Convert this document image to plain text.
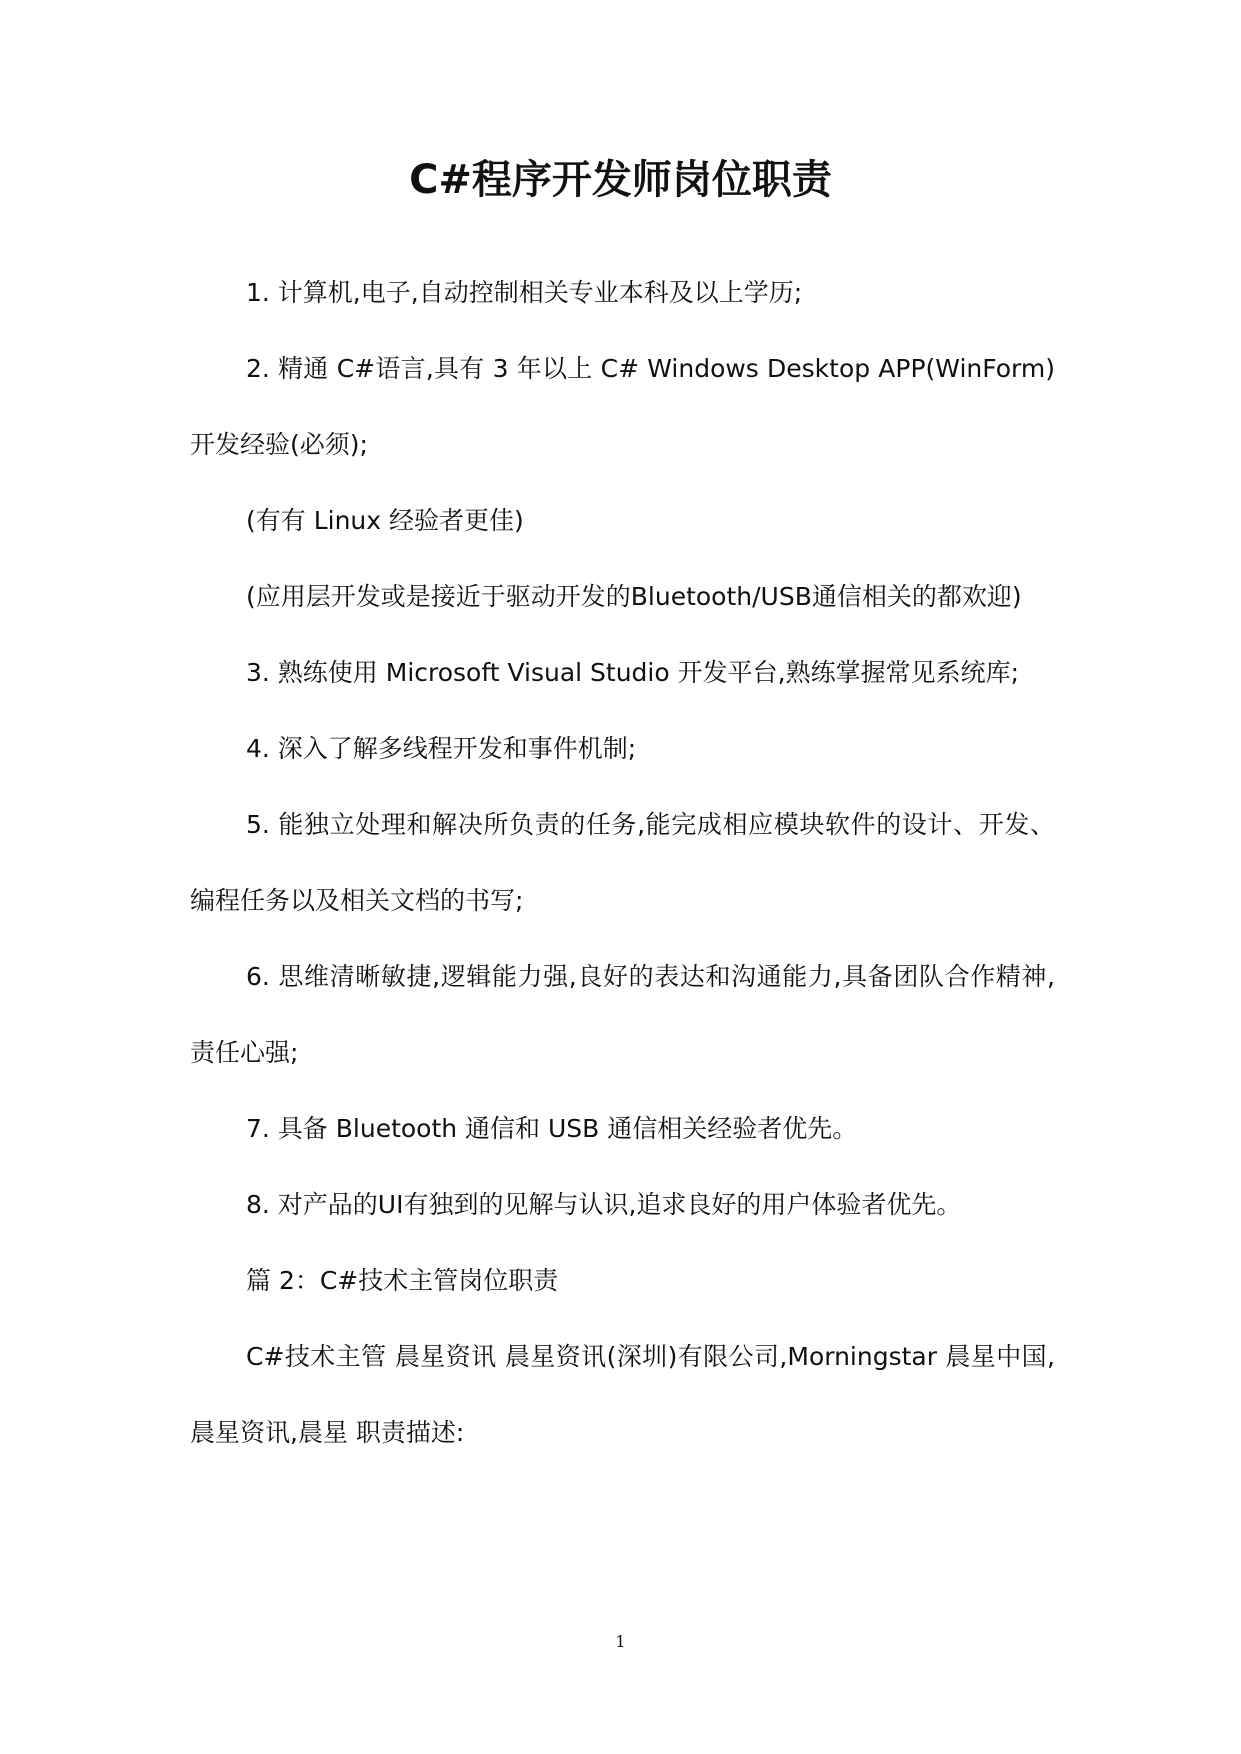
C#程序开发师岗位职责

1. 计算机,电子,自动控制相关专业本科及以上学历;

2. 精通 C#语言,具有 3 年以上 C# Windows Desktop APP(WinForm)开发经验(必须);

(有有 Linux 经验者更佳)

(应用层开发或是接近于驱动开发的Bluetooth/USB通信相关的都欢迎)

3. 熟练使用 Microsoft Visual Studio 开发平台,熟练掌握常见系统库;

4. 深入了解多线程开发和事件机制;

5. 能独立处理和解决所负责的任务,能完成相应模块软件的设计、开发、编程任务以及相关文档的书写;

6. 思维清晰敏捷,逻辑能力强,良好的表达和沟通能力,具备团队合作精神,责任心强;

7. 具备 Bluetooth 通信和 USB 通信相关经验者优先。

8. 对产品的UI有独到的见解与认识,追求良好的用户体验者优先。

篇 2：C#技术主管岗位职责

C#技术主管 晨星资讯 晨星资讯(深圳)有限公司,Morningstar 晨星中国,晨星资讯,晨星 职责描述:

1
